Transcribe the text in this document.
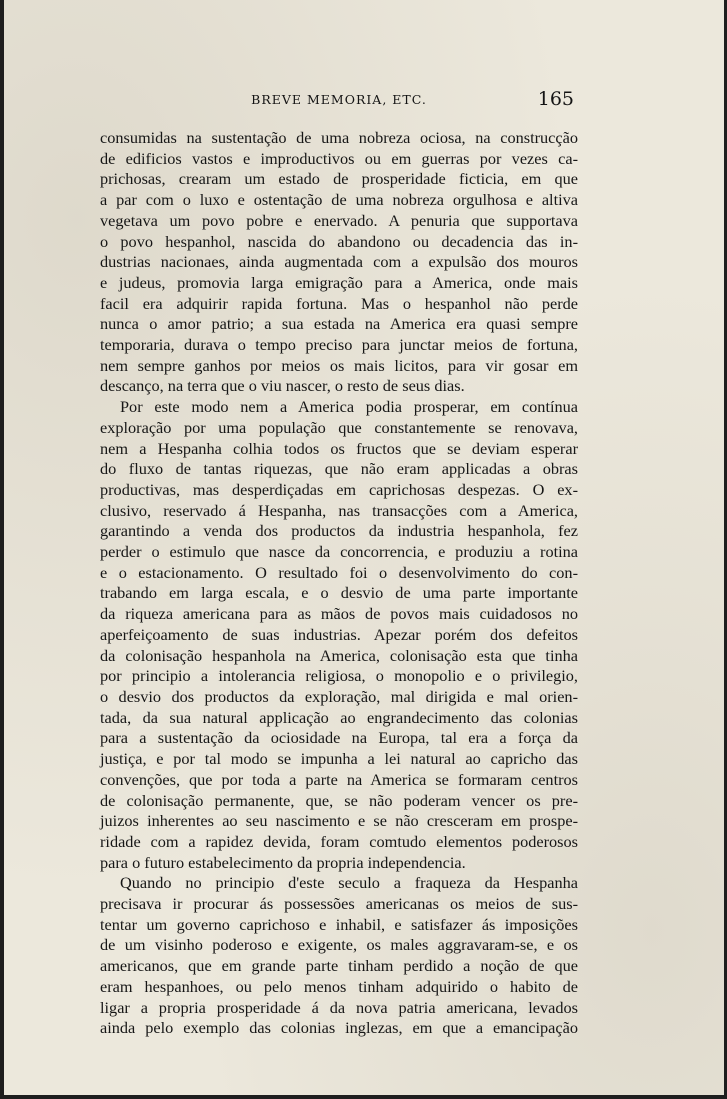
BREVE MEMORIA, ETC.	165
consumidas na sustentação de uma nobreza ociosa, na construcção
de edificios vastos e improductivos ou em guerras por vezes ca-
prichosas, crearam um estado de prosperidade ficticia, em que
a par com o luxo e ostentação de uma nobreza orgulhosa e altiva
vegetava um povo pobre e enervado. A penuria que supportava
o povo hespanhol, nascida do abandono ou decadencia das in-
dustrias nacionaes, ainda augmentada com a expulsão dos mouros
e judeus, promovia larga emigração para a America, onde mais
facil era adquirir rapida fortuna. Mas o hespanhol não perde
nunca o amor patrio; a sua estada na America era quasi sempre
temporaria, durava o tempo preciso para junctar meios de fortuna,
nem sempre ganhos por meios os mais licitos, para vir gosar em
descanço, na terra que o viu nascer, o resto de seus dias.
Por este modo nem a America podia prosperar, em contínua
exploração por uma população que constantemente se renovava,
nem a Hespanha colhia todos os fructos que se deviam esperar
do fluxo de tantas riquezas, que não eram applicadas a obras
productivas, mas desperdiçadas em caprichosas despezas. O ex-
clusivo, reservado á Hespanha, nas transacções com a America,
garantindo a venda dos productos da industria hespanhola, fez
perder o estimulo que nasce da concorrencia, e produziu a rotina
e o estacionamento. O resultado foi o desenvolvimento do con-
trabando em larga escala, e o desvio de uma parte importante
da riqueza americana para as mãos de povos mais cuidadosos no
aperfeiçoamento de suas industrias. Apezar porém dos defeitos
da colonisação hespanhola na America, colonisação esta que tinha
por principio a intolerancia religiosa, o monopolio e o privilegio,
o desvio dos productos da exploração, mal dirigida e mal orien-
tada, da sua natural applicação ao engrandecimento das colonias
para a sustentação da ociosidade na Europa, tal era a força da
justiça, e por tal modo se impunha a lei natural ao capricho das
convenções, que por toda a parte na America se formaram centros
de colonisação permanente, que, se não poderam vencer os pre-
juizos inherentes ao seu nascimento e se não cresceram em prospe-
ridade com a rapidez devida, foram comtudo elementos poderosos
para o futuro estabelecimento da propria independencia.
Quando no principio d'este seculo a fraqueza da Hespanha
precisava ir procurar ás possessões americanas os meios de sus-
tentar um governo caprichoso e inhabil, e satisfazer ás imposições
de um visinho poderoso e exigente, os males aggravaram-se, e os
americanos, que em grande parte tinham perdido a noção de que
eram hespanhoes, ou pelo menos tinham adquirido o habito de
ligar a propria prosperidade á da nova patria americana, levados
ainda pelo exemplo das colonias inglezas, em que a emancipação
